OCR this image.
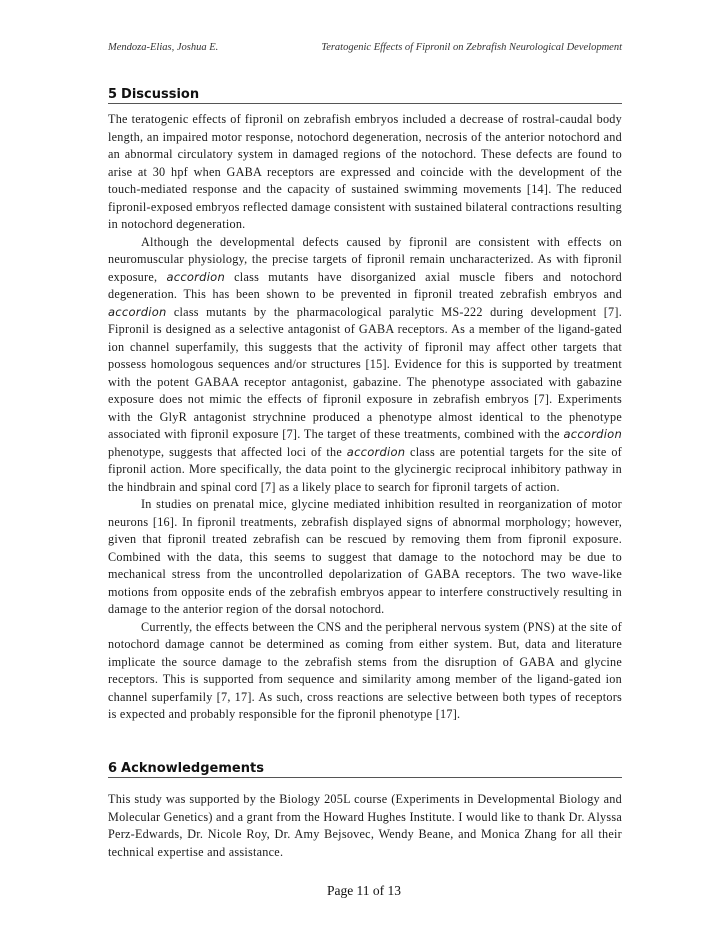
Mendoza-Elias, Joshua E.	Teratogenic Effects of Fipronil on Zebrafish Neurological Development
5 Discussion

The teratogenic effects of fipronil on zebrafish embryos included a decrease of rostral-caudal body length, an impaired motor response, notochord degeneration, necrosis of the anterior notochord and an abnormal circulatory system in damaged regions of the notochord. These defects are found to arise at 30 hpf when GABA receptors are expressed and coincide with the development of the touch-mediated response and the capacity of sustained swimming movements [14]. The reduced fipronil-exposed embryos reflected damage consistent with sustained bilateral contractions resulting in notochord degeneration.

Although the developmental defects caused by fipronil are consistent with effects on neuromuscular physiology, the precise targets of fipronil remain uncharacterized. As with fipronil exposure, accordion class mutants have disorganized axial muscle fibers and notochord degeneration. This has been shown to be prevented in fipronil treated zebrafish embryos and accordion class mutants by the pharmacological paralytic MS-222 during development [7]. Fipronil is designed as a selective antagonist of GABA receptors. As a member of the ligand-gated ion channel superfamily, this suggests that the activity of fipronil may affect other targets that possess homologous sequences and/or structures [15]. Evidence for this is supported by treatment with the potent GABAA receptor antagonist, gabazine. The phenotype associated with gabazine exposure does not mimic the effects of fipronil exposure in zebrafish embryos [7]. Experiments with the GlyR antagonist strychnine produced a phenotype almost identical to the phenotype associated with fipronil exposure [7]. The target of these treatments, combined with the accordion phenotype, suggests that affected loci of the accordion class are potential targets for the site of fipronil action. More specifically, the data point to the glycinergic reciprocal inhibitory pathway in the hindbrain and spinal cord [7] as a likely place to search for fipronil targets of action.

In studies on prenatal mice, glycine mediated inhibition resulted in reorganization of motor neurons [16]. In fipronil treatments, zebrafish displayed signs of abnormal morphology; however, given that fipronil treated zebrafish can be rescued by removing them from fipronil exposure. Combined with the data, this seems to suggest that damage to the notochord may be due to mechanical stress from the uncontrolled depolarization of GABA receptors. The two wave-like motions from opposite ends of the zebrafish embryos appear to interfere constructively resulting in damage to the anterior region of the dorsal notochord.

Currently, the effects between the CNS and the peripheral nervous system (PNS) at the site of notochord damage cannot be determined as coming from either system. But, data and literature implicate the source damage to the zebrafish stems from the disruption of GABA and glycine receptors. This is supported from sequence and similarity among member of the ligand-gated ion channel superfamily [7, 17]. As such, cross reactions are selective between both types of receptors is expected and probably responsible for the fipronil phenotype [17].

6 Acknowledgements

This study was supported by the Biology 205L course (Experiments in Developmental Biology and Molecular Genetics) and a grant from the Howard Hughes Institute. I would like to thank Dr. Alyssa Perz-Edwards, Dr. Nicole Roy, Dr. Amy Bejsovec, Wendy Beane, and Monica Zhang for all their technical expertise and assistance.

Page 11 of 13
